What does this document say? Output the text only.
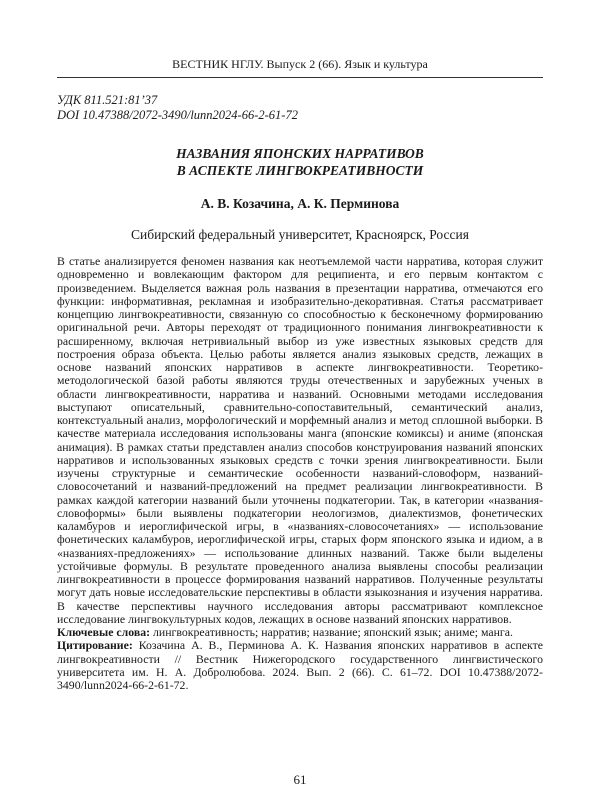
ВЕСТНИК НГЛУ. Выпуск 2 (66). Язык и культура
УДК 811.521:81’37
DOI 10.47388/2072-3490/lunn2024-66-2-61-72
НАЗВАНИЯ ЯПОНСКИХ НАРРАТИВОВ
В АСПЕКТЕ ЛИНГВОКРЕАТИВНОСТИ
А. В. Козачина, А. К. Перминова
Сибирский федеральный университет, Красноярск, Россия

В статье анализируется феномен названия как неотъемлемой части нарратива, которая служит одновременно и вовлекающим фактором для реципиента, и его первым контактом с произведением. Выделяется важная роль названия в презентации нарратива, отмечаются его функции: информативная, рекламная и изобразительно-декоративная. Статья рассматривает концепцию лингвокреативности, связанную со способностью к бесконечному формированию оригинальной речи. Авторы переходят от традиционного понимания лингвокреативности к расширенному, включая нетривиальный выбор из уже известных языковых средств для построения образа объекта. Целью работы является анализ языковых средств, лежащих в основе названий японских нарративов в аспекте лингвокреативности. Теоретико-методологической базой работы являются труды отечественных и зарубежных ученых в области лингвокреативности, нарратива и названий. Основными методами исследования выступают описательный, сравнительно-сопоставительный, семантический анализ, контекстуальный анализ, морфологический и морфемный анализ и метод сплошной выборки. В качестве материала исследования использованы манга (японские комиксы) и аниме (японская анимация). В рамках статьи представлен анализ способов конструирования названий японских нарративов и использованных языковых средств с точки зрения лингвокреативности. Были изучены структурные и семантические особенности названий-словоформ, названий-словосочетаний и названий-предложений на предмет реализации лингвокреативности. В рамках каждой категории названий были уточнены подкатегории. Так, в категории «названия-словоформы» были выявлены подкатегории неологизмов, диалектизмов, фонетических каламбуров и иероглифической игры, в «названиях-словосочетаниях» — использование фонетических каламбуров, иероглифической игры, старых форм японского языка и идиом, а в «названиях-предложениях» — использование длинных названий. Также были выделены устойчивые формулы. В результате проведенного анализа выявлены способы реализации лингвокреативности в процессе формирования названий нарративов. Полученные результаты могут дать новые исследовательские перспективы в области языкознания и изучения нарратива. В качестве перспективы научного исследования авторы рассматривают комплексное исследование лингвокультурных кодов, лежащих в основе названий японских нарративов.

Ключевые слова: лингвокреативность; нарратив; название; японский язык; аниме; манга.

Цитирование: Козачина А. В., Перминова А. К. Названия японских нарративов в аспекте лингвокреативности // Вестник Нижегородского государственного лингвистического университета им. Н. А. Добролюбова. 2024. Вып. 2 (66). С. 61–72. DOI 10.47388/2072-3490/lunn2024-66-2-61-72.

61
